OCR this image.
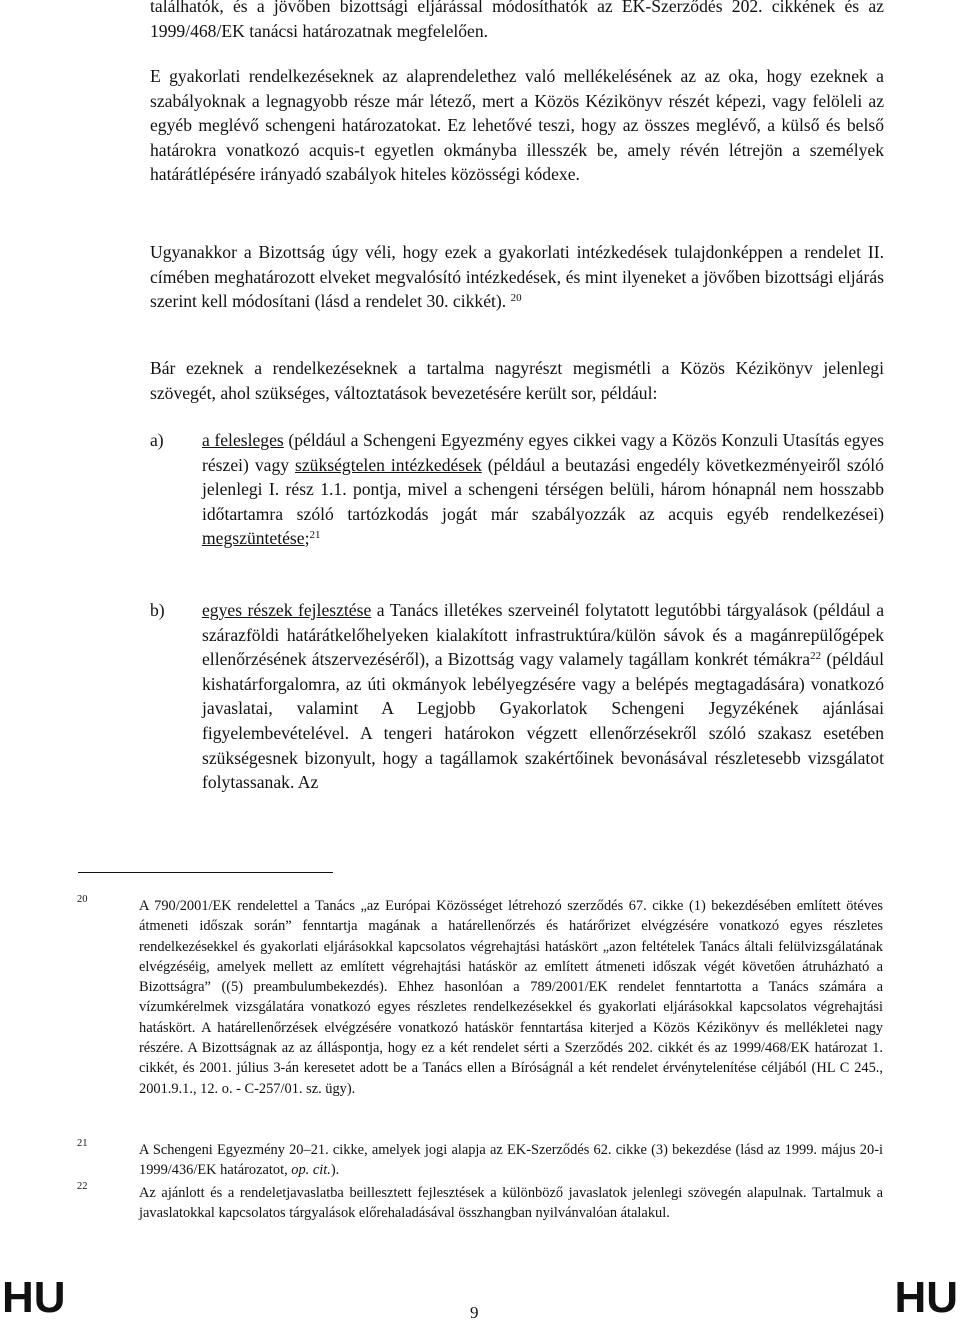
találhatók, és a jövőben bizottsági eljárással módosíthatók az EK-Szerződés 202. cikkének és az 1999/468/EK tanácsi határozatnak megfelelően.

E gyakorlati rendelkezéseknek az alaprendelethez való mellékelésének az az oka, hogy ezeknek a szabályoknak a legnagyobb része már létező, mert a Közös Kézikönyv részét képezi, vagy felöleli az egyéb meglévő schengeni határozatokat. Ez lehetővé teszi, hogy az összes meglévő, a külső és belső határokra vonatkozó acquis-t egyetlen okmányba illesszék be, amely révén létrejön a személyek határátlépésére irányadó szabályok hiteles közösségi kódexe.

Ugyanakkor a Bizottság úgy véli, hogy ezek a gyakorlati intézkedések tulajdonképpen a rendelet II. címében meghatározott elveket megvalósító intézkedések, és mint ilyeneket a jövőben bizottsági eljárás szerint kell módosítani (lásd a rendelet 30. cikkét). $^{20}$

Bár ezeknek a rendelkezéseknek a tartalma nagyrészt megismétli a Közös Kézikönyv jelenlegi szövegét, ahol szükséges, változtatások bevezetésére került sor, például:

a)	a felesleges (például a Schengeni Egyezmény egyes cikkei vagy a Közös Konzuli Utasítás egyes részei) vagy szükségtelen intézkedések (például a beutazási engedély következményeiről szóló jelenlegi I. rész 1.1. pontja, mivel a schengeni térségen belüli, három hónapnál nem hosszabb időtartamra szóló tartózkodás jogát már szabályozzák az acquis egyéb rendelkezései) megszüntetése;$^{21}$
b)	egyes részek fejlesztése a Tanács illetékes szerveinél folytatott legutóbbi tárgyalások (például a szárazföldi határátkelőhelyeken kialakított infrastruktúra/külön sávok és a magánrepülőgépek ellenőrzésének átszervezéséről), a Bizottság vagy valamely tagállam konkrét témákra$^{22}$ (például kishatárforgalomra, az úti okmányok lebélyegzésére vagy a belépés megtagadására) vonatkozó javaslatai, valamint A Legjobb Gyakorlatok Schengeni Jegyzékének ajánlásai figyelembevételével. A tengeri határokon végzett ellenőrzésekről szóló szakasz esetében szükségesnek bizonyult, hogy a tagállamok szakértőinek bevonásával részletesebb vizsgálatot folytassanak. Az
20	A 790/2001/EK rendelettel a Tanács „az Európai Közösséget létrehozó szerződés 67. cikke (1) bekezdésében említett ötéves átmeneti időszak során” fenntartja magának a határellenőrzés és határőrizet elvégzésére vonatkozó egyes részletes rendelkezésekkel és gyakorlati eljárásokkal kapcsolatos végrehajtási hatáskört „azon feltételek Tanács általi felülvizsgálatának elvégzéséig, amelyek mellett az említett végrehajtási hatáskör az említett átmeneti időszak végét követően átruházható a Bizottságra” ((5) preambulumbekezdés). Ehhez hasonlóan a 789/2001/EK rendelet fenntartotta a Tanács számára a vízumkérelmek vizsgálatára vonatkozó egyes részletes rendelkezésekkel és gyakorlati eljárásokkal kapcsolatos végrehajtási hatáskört. A határellenőrzések elvégzésére vonatkozó hatáskör fenntartása kiterjed a Közös Kézikönyv és mellékletei nagy részére. A Bizottságnak az az álláspontja, hogy ez a két rendelet sérti a Szerződés 202. cikkét és az 1999/468/EK határozat 1. cikkét, és 2001. július 3-án keresetet adott be a Tanács ellen a Bíróságnál a két rendelet érvénytelenítése céljából (HL C 245., 2001.9.1., 12. o. - C-257/01. sz. ügy).
21	A Schengeni Egyezmény 20–21. cikke, amelyek jogi alapja az EK-Szerződés 62. cikke (3) bekezdése (lásd az 1999. május 20-i 1999/436/EK határozatot, op. cit.).
22	Az ajánlott és a rendeletjavaslatba beillesztett fejlesztések a különböző javaslatok jelenlegi szövegén alapulnak. Tartalmuk a javaslatokkal kapcsolatos tárgyalások előrehaladásával összhangban nyilvánvalóan átalakul.
HU	9	HU
